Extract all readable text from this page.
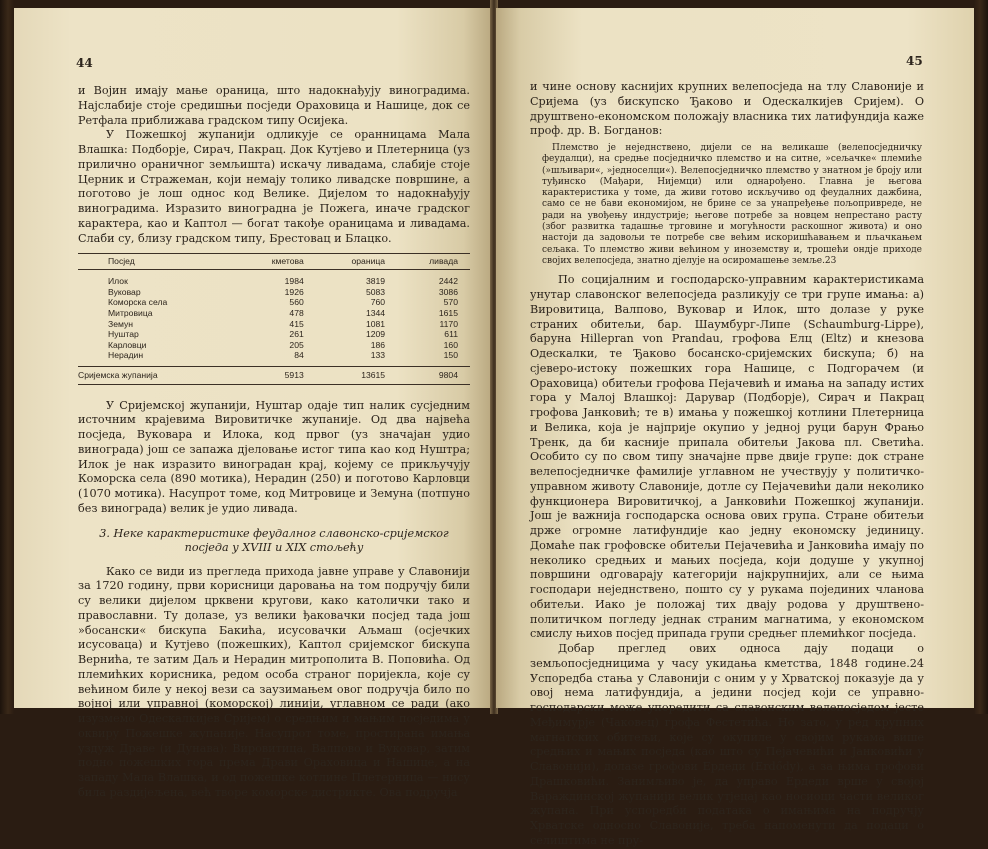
44

и Војин имају мање ораница, што надокнађују виноградима. Најслабије стоје средишњи посједи Ораховица и Нашице, док се Ретфала приближава градском типу Осијека.

У Пожешкој жупанији одликује се оранницама Мала Влашка: Подборје, Сирач, Пакрац. Док Кутјево и Плетерница (уз прилично ораничног земљишта) искачу ливадама, слабије стоје Церник и Стражеман, који немају толико ливадске површине, а поготово је лош однос код Велике. Дијелом то надокнађују виноградима. Изразито виноградна је Пожега, иначе градског карактера, као и Каптол — богат такође ораницама и ливадама. Слаби су, близу градском типу, Брестовац и Блацко.

Посјед	кметова	ораница	ливада
Илок	1984	3819	2442
Вуковар	1926	5083	3086
Коморска села	560	760	570
Митровица	478	1344	1615
Земун	415	1081	1170
Нуштар	261	1209	611
Карловци	205	186	160
Нерадин	84	133	150
Сријемска жупанија	5913	13615	9804

У Сријемској жупанији, Нуштар одаје тип налик сусједним источним крајевима Вировитичке жупаније. Од два највећа посједа, Вуковара и Илока, код првог (уз значајан удио винограда) још се запажа дјеловање истог типа као код Нуштра; Илок је нак изразито виноградан крај, којему се прикључују Коморска села (890 мотика), Нерадин (250) и поготово Карловци (1070 мотика). Насупрот томе, код Митровице и Земуна (потпуно без винограда) велик је удио ливада.

3. Неке карактеристике феудалног славонско-сријемског посједа у XVIII и XIX стољећу

Како се види из прегледа прихода јавне управе у Славонији за 1720 годину, први корисници даровања на том подручју били су велики дијелом црквени кругови, како католички тако и православни. Ту долазе, уз велики ђаковачки посјед тада још »босански« бискупа Бакића, исусовачки Аљмаш (осјечких исусоваца) и Кутјево (пожешких), Каптол сријемског бискупа Вернића, те затим Даљ и Нерадин митрополита В. Поповића. Од племићких корисника, редом особа страног поријекла, које су већином биле у некој вези са заузимањем овог подручја било по војној или управној (коморској) линији, углавном се ради (ако изузмемо Одескалкијев Сријем) о средњим и мањим посједима у оквиру Пожешке жупаније. Насупрот томе, простирана имања уздуж Драве (и Дунава): Вировитица, Валпово и Вуковар, затим подно пожешких гора према Драви Ораховица и Нашице, а на западу Мала Влашка, и од пожешке котлине Плетерница — нису била раздијељена, већ творе коморске дистрикте. Ова подручја

45

и чине основу каснијих крупних велепосједа на тлу Славоније и Сријема (уз бискупско Ђаково и Одескалкијев Сријем). О друштвено-економском положају власника тих латифундија каже проф. др. В. Богданов:

Племство је неједнствено, дијели се на великаше (велепосједничку феудалци), на средње посједничко племство и на ситне, »сељачке« племиће (»шљивари«, »једноселци«). Велепосједничко племство у знатном је броју или туђинско (Мађари, Нијемци) или однарођено. Главна је његова карактеристика у томе, да живи готово искључиво од феудалних дажбина, само се не бави економијом, не брине се за унапређење пољопривреде, не ради на увођењу индустрије; његове потребе за новцем непрестано расту (због развитка тадашње трговине и могућности раскошног живота) и оно настоји да задовољи те потребе све већим искоришћавањем и пљачкањем сељака. То племство живи већином у иноземству и, трошећи ондје приходе својих велепосједа, знатно дјелује на осиромашење земље.23

По социјалним и господарско-управним карактеристикама унутар славонског велепосједа разликују се три групе имања: а) Вировитица, Валпово, Вуковар и Илок, што долазе у руке страних обитељи, бар. Шаумбург-Липе (Schaumburg-Lippe), баруна Hillepran von Prandau, грофова Елц (Eltz) и кнезова Одескалки, те Ђаково босанско-сријемских бискупа; б) на сјеверо-истоку пожешких гора Нашице, с Подгорачем (и Ораховица) обитељи грофова Пејачевић и имања на западу истих гора у Малој Влашкој: Дарувар (Подборје), Сирач и Пакрац грофова Јанковић; те в) имања у пожешкој котлини Плетерница и Велика, која је најприје окупио у једној руци барун Фрањо Тренк, да би касније припала обитељи Јакова пл. Светића. Особито су по свом типу значајне прве двије групе: док стране велепосједничке фамилије углавном не учествују у политичко-управном животу Славоније, дотле су Пејачевићи дали неколико функционера Вировитичкој, а Јанковићи Пожешкој жупанији. Још је важнија господарска основа ових група. Стране обитељи држе огромне латифундије као једну економску јединицу. Домаће пак грофовске обитељи Пејачевића и Јанковића имају по неколико средњих и мањих посједа, који додуше у укупној површини одговарају категорији најкрупнијих, али се њима господари неједнствено, пошто су у рукама појединих чланова обитељи. Иако је положај тих двају родова у друштвено-политичком погледу једнак страним магнатима, у економском смислу њихов посјед припада групи средњег племићког посједа.

Добар преглед ових односа дају подаци о земљопосједницима у часу укидања кметства, 1848 године.24 Успоредба стања у Славонији с оним у у Хрватској показује да у овој нема латифундија, а једини посјед који се управно-господарски може упоредити са славонским велепосједом јесте Међимурје (Чаковец) грофа Фестетића. Но зато, у ред крупних магнатских обитељи, које су окупиле у својим рукама више средњих и мањих посједа (као што су Пејачевићи и Јанковићи у Славонији), долазе грофови Ердеди (Erdődy), а за њима грофови Драшковићи. Занимљиво је, да управо Ердеди врше у својој Вараждинској жупанији велик утјецај као носиоци части великог жупана. При успоредби података о имањима на подручју Хрватске односно Славоније, треба напоменути да подаци о селиштима не пру-
